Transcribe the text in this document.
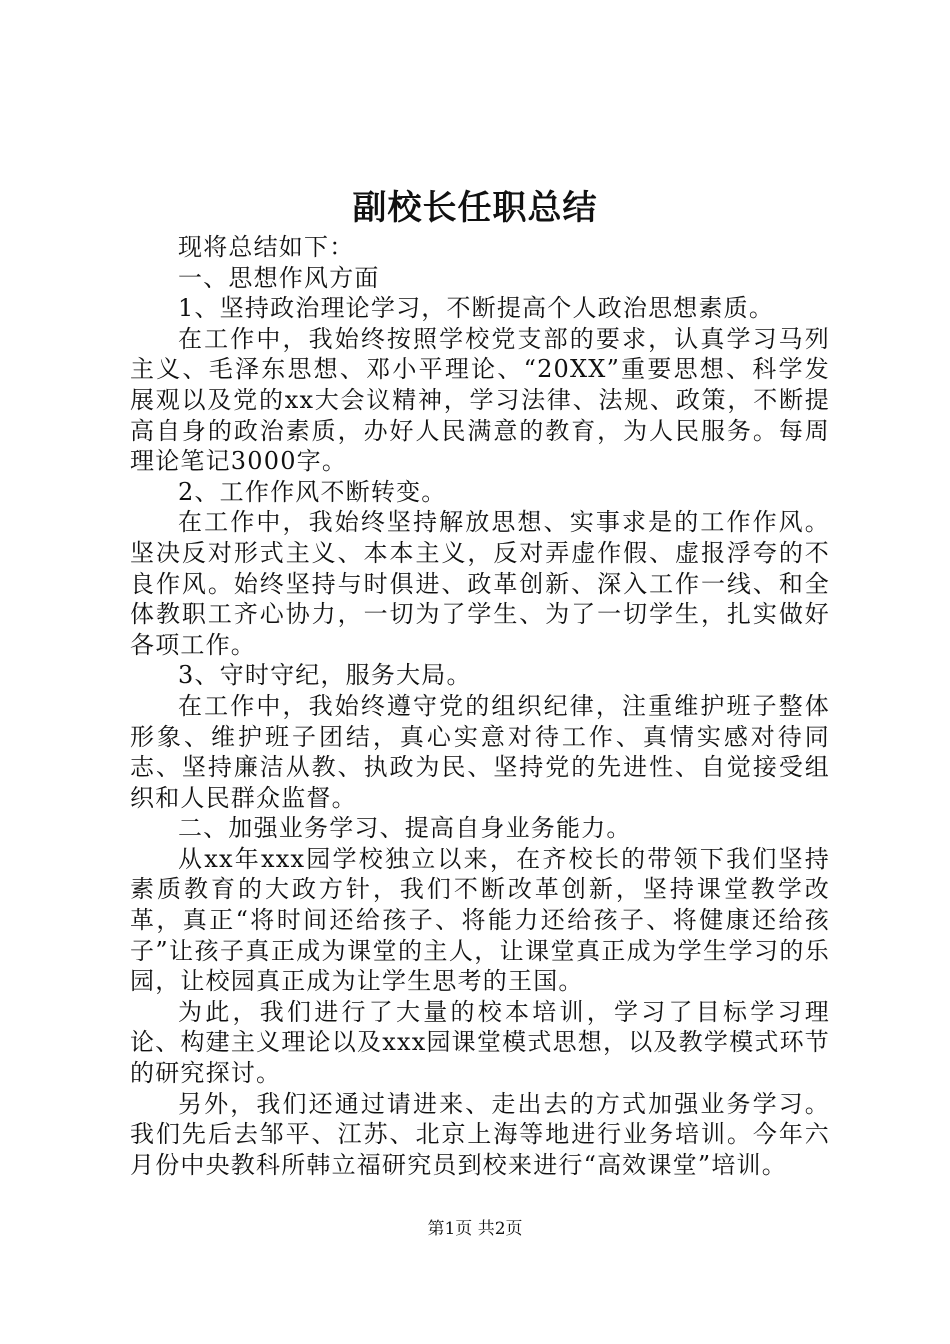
副校长任职总结

现将总结如下：

一、思想作风方面

1、坚持政治理论学习，不断提高个人政治思想素质。

在工作中，我始终按照学校党支部的要求，认真学习马列主义、毛泽东思想、邓小平理论、“20XX”重要思想、科学发展观以及党的xx大会议精神，学习法律、法规、政策，不断提高自身的政治素质，办好人民满意的教育，为人民服务。每周理论笔记3000字。

2、工作作风不断转变。

在工作中，我始终坚持解放思想、实事求是的工作作风。坚决反对形式主义、本本主义，反对弄虚作假、虚报浮夸的不良作风。始终坚持与时俱进、政革创新、深入工作一线、和全体教职工齐心协力，一切为了学生、为了一切学生，扎实做好各项工作。

3、守时守纪，服务大局。

在工作中，我始终遵守党的组织纪律，注重维护班子整体形象、维护班子团结，真心实意对待工作、真情实感对待同志、坚持廉洁从教、执政为民、坚持党的先进性、自觉接受组织和人民群众监督。

二、加强业务学习、提高自身业务能力。

从xx年xxx园学校独立以来，在齐校长的带领下我们坚持素质教育的大政方针，我们不断改革创新，坚持课堂教学改革，真正“将时间还给孩子、将能力还给孩子、将健康还给孩子”让孩子真正成为课堂的主人，让课堂真正成为学生学习的乐园，让校园真正成为让学生思考的王国。

为此，我们进行了大量的校本培训，学习了目标学习理论、构建主义理论以及xxx园课堂模式思想，以及教学模式环节的研究探讨。

另外，我们还通过请进来、走出去的方式加强业务学习。我们先后去邹平、江苏、北京上海等地进行业务培训。今年六月份中央教科所韩立福研究员到校来进行“高效课堂”培训。

第1页 共2页
